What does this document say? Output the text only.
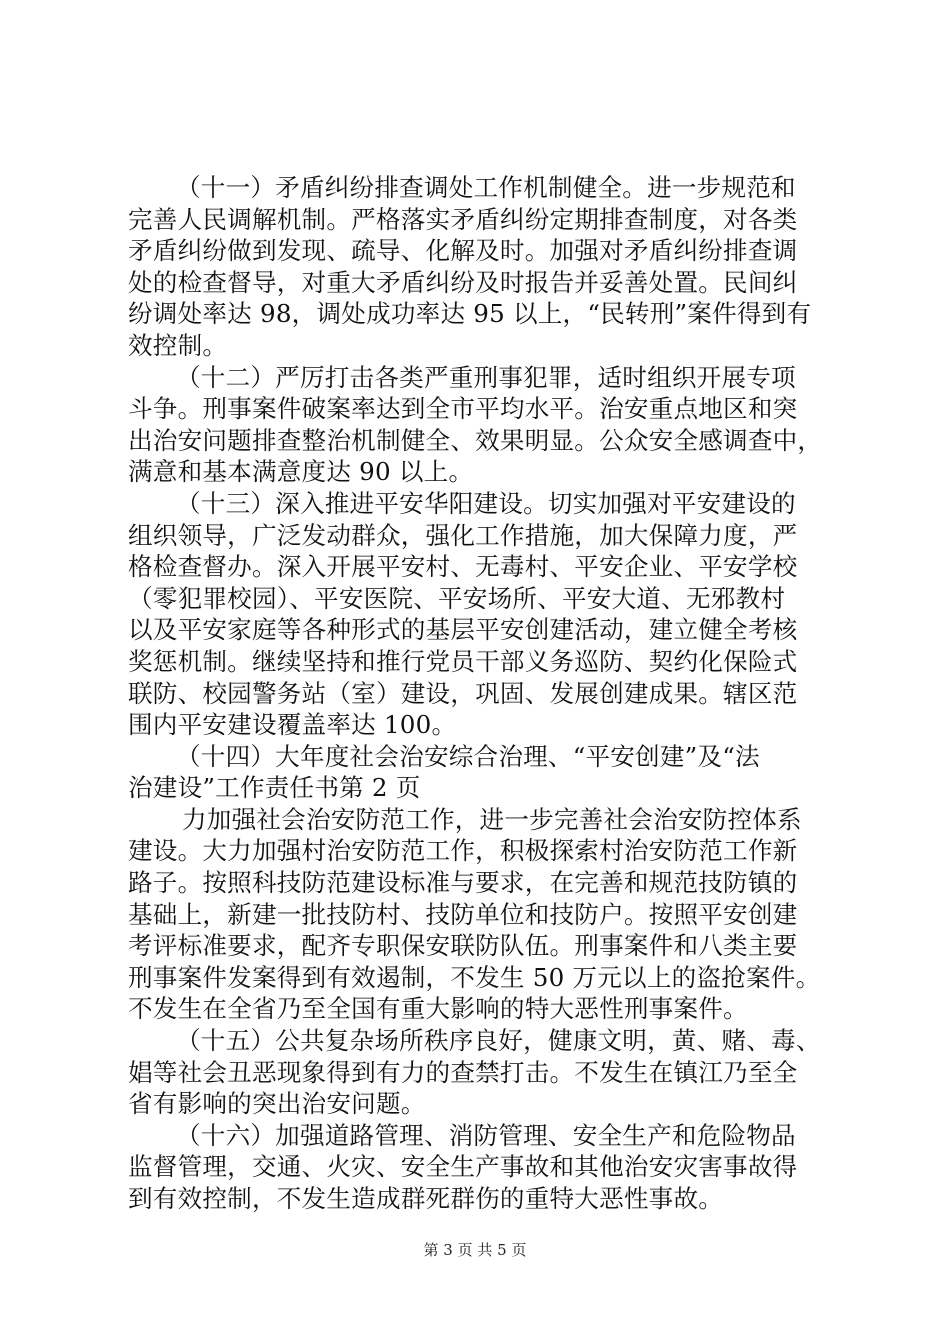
（十一）矛盾纠纷排查调处工作机制健全。进一步规范和
完善人民调解机制。严格落实矛盾纠纷定期排查制度，对各类
矛盾纠纷做到发现、疏导、化解及时。加强对矛盾纠纷排查调
处的检查督导，对重大矛盾纠纷及时报告并妥善处置。民间纠
纷调处率达 98，调处成功率达 95 以上，“民转刑”案件得到有
效控制。
（十二）严厉打击各类严重刑事犯罪，适时组织开展专项
斗争。刑事案件破案率达到全市平均水平。治安重点地区和突
出治安问题排查整治机制健全、效果明显。公众安全感调查中，
满意和基本满意度达 90 以上。
（十三）深入推进平安华阳建设。切实加强对平安建设的
组织领导，广泛发动群众，强化工作措施，加大保障力度，严
格检查督办。深入开展平安村、无毒村、平安企业、平安学校
（零犯罪校园）、平安医院、平安场所、平安大道、无邪教村
以及平安家庭等各种形式的基层平安创建活动，建立健全考核
奖惩机制。继续坚持和推行党员干部义务巡防、契约化保险式
联防、校园警务站（室）建设，巩固、发展创建成果。辖区范
围内平安建设覆盖率达 100。
（十四）大年度社会治安综合治理、“平安创建”及“法
治建设”工作责任书第 2 页
力加强社会治安防范工作，进一步完善社会治安防控体系
建设。大力加强村治安防范工作，积极探索村治安防范工作新
路子。按照科技防范建设标准与要求，在完善和规范技防镇的
基础上，新建一批技防村、技防单位和技防户。按照平安创建
考评标准要求，配齐专职保安联防队伍。刑事案件和八类主要
刑事案件发案得到有效遏制，不发生 50 万元以上的盗抢案件。
不发生在全省乃至全国有重大影响的特大恶性刑事案件。
（十五）公共复杂场所秩序良好，健康文明，黄、赌、毒、
娼等社会丑恶现象得到有力的查禁打击。不发生在镇江乃至全
省有影响的突出治安问题。
（十六）加强道路管理、消防管理、安全生产和危险物品
监督管理，交通、火灾、安全生产事故和其他治安灾害事故得
到有效控制，不发生造成群死群伤的重特大恶性事故。
第 3 页 共 5 页
